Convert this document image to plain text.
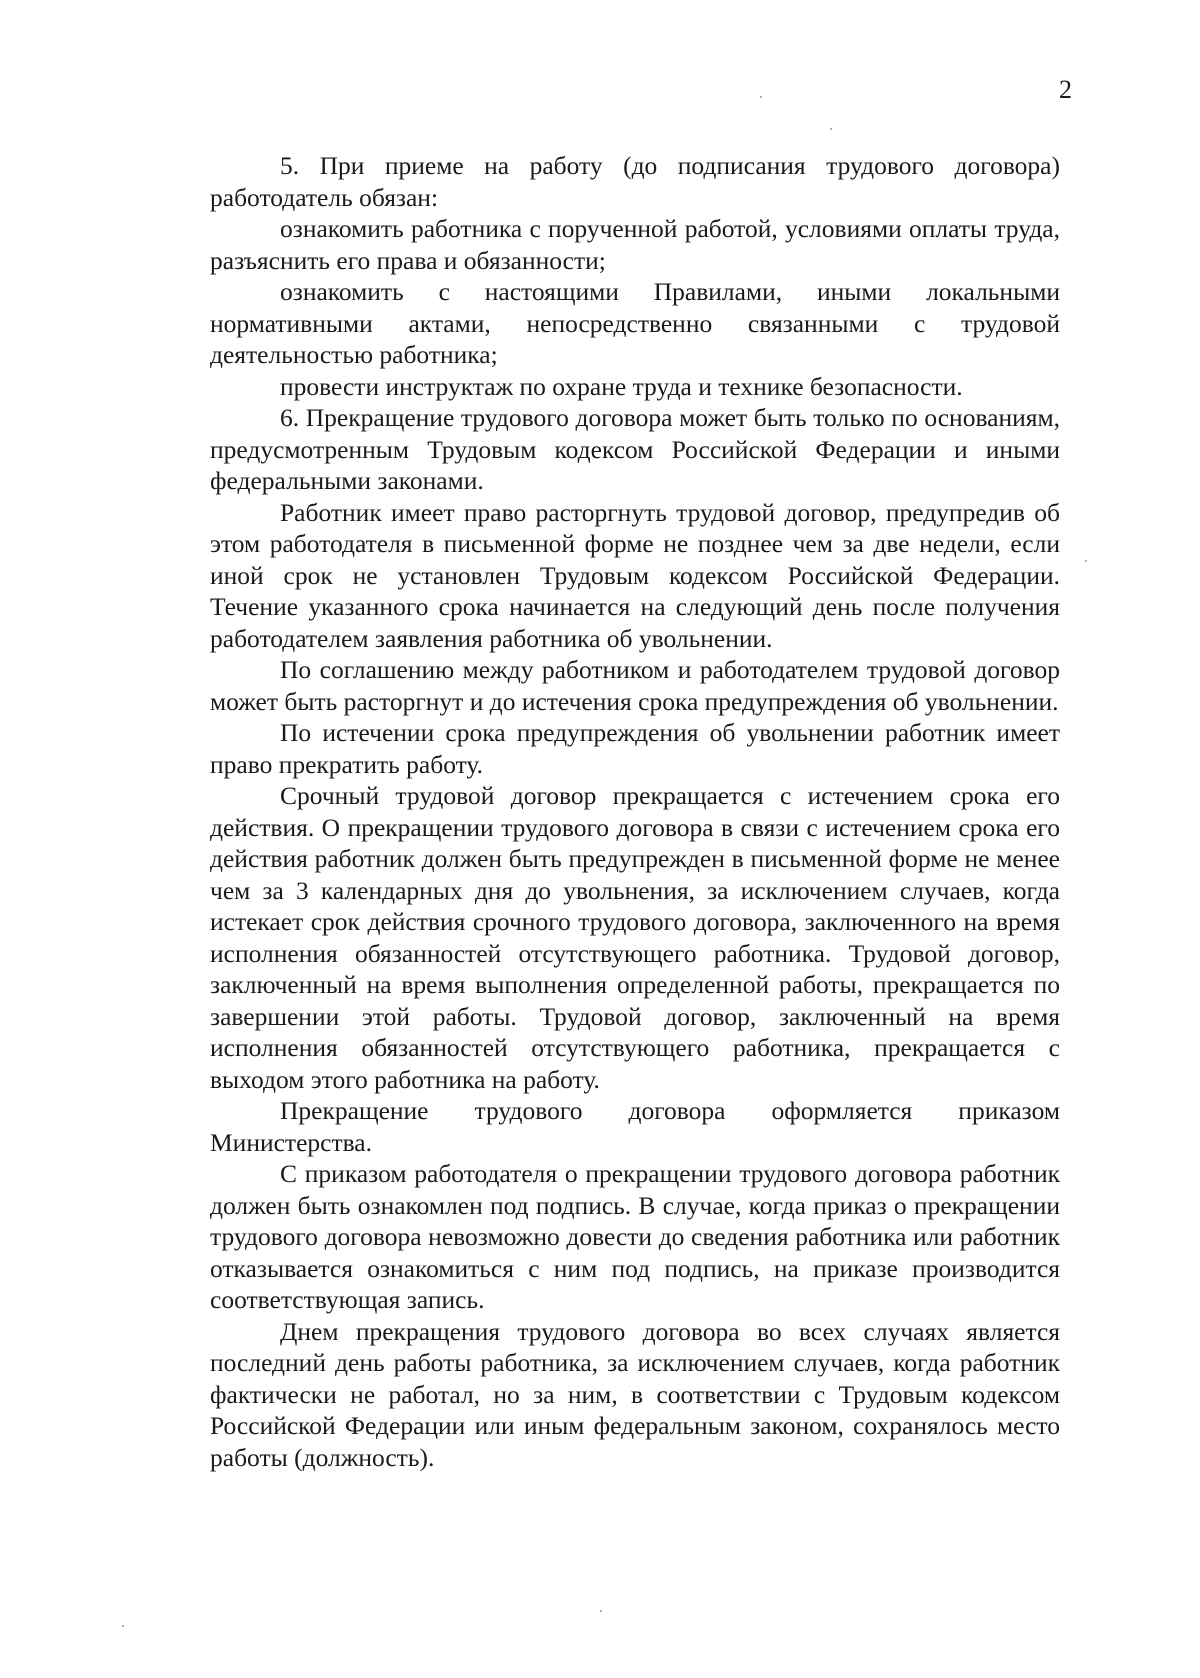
2

5. При приеме на работу (до подписания трудового договора) работодатель обязан:

ознакомить работника с порученной работой, условиями оплаты труда, разъяснить его права и обязанности;

ознакомить с настоящими Правилами, иными локальными нормативными актами, непосредственно связанными с трудовой деятельностью работника;

провести инструктаж по охране труда и технике безопасности.

6. Прекращение трудового договора может быть только по основаниям, предусмотренным Трудовым кодексом Российской Федерации и иными федеральными законами.

Работник имеет право расторгнуть трудовой договор, предупредив об этом работодателя в письменной форме не позднее чем за две недели, если иной срок не установлен Трудовым кодексом Российской Федерации. Течение указанного срока начинается на следующий день после получения работодателем заявления работника об увольнении.

По соглашению между работником и работодателем трудовой договор может быть расторгнут и до истечения срока предупреждения об увольнении.

По истечении срока предупреждения об увольнении работник имеет право прекратить работу.

Срочный трудовой договор прекращается с истечением срока его действия. О прекращении трудового договора в связи с истечением срока его действия работник должен быть предупрежден в письменной форме не менее чем за 3 календарных дня до увольнения, за исключением случаев, когда истекает срок действия срочного трудового договора, заключенного на время исполнения обязанностей отсутствующего работника. Трудовой договор, заключенный на время выполнения определенной работы, прекращается по завершении этой работы. Трудовой договор, заключенный на время исполнения обязанностей отсутствующего работника, прекращается с выходом этого работника на работу.

Прекращение трудового договора оформляется приказом Министерства.

С приказом работодателя о прекращении трудового договора работник должен быть ознакомлен под подпись. В случае, когда приказ о прекращении трудового договора невозможно довести до сведения работника или работник отказывается ознакомиться с ним под подпись, на приказе производится соответствующая запись.

Днем прекращения трудового договора во всех случаях является последний день работы работника, за исключением случаев, когда работник фактически не работал, но за ним, в соответствии с Трудовым кодексом Российской Федерации или иным федеральным законом, сохранялось место работы (должность).
